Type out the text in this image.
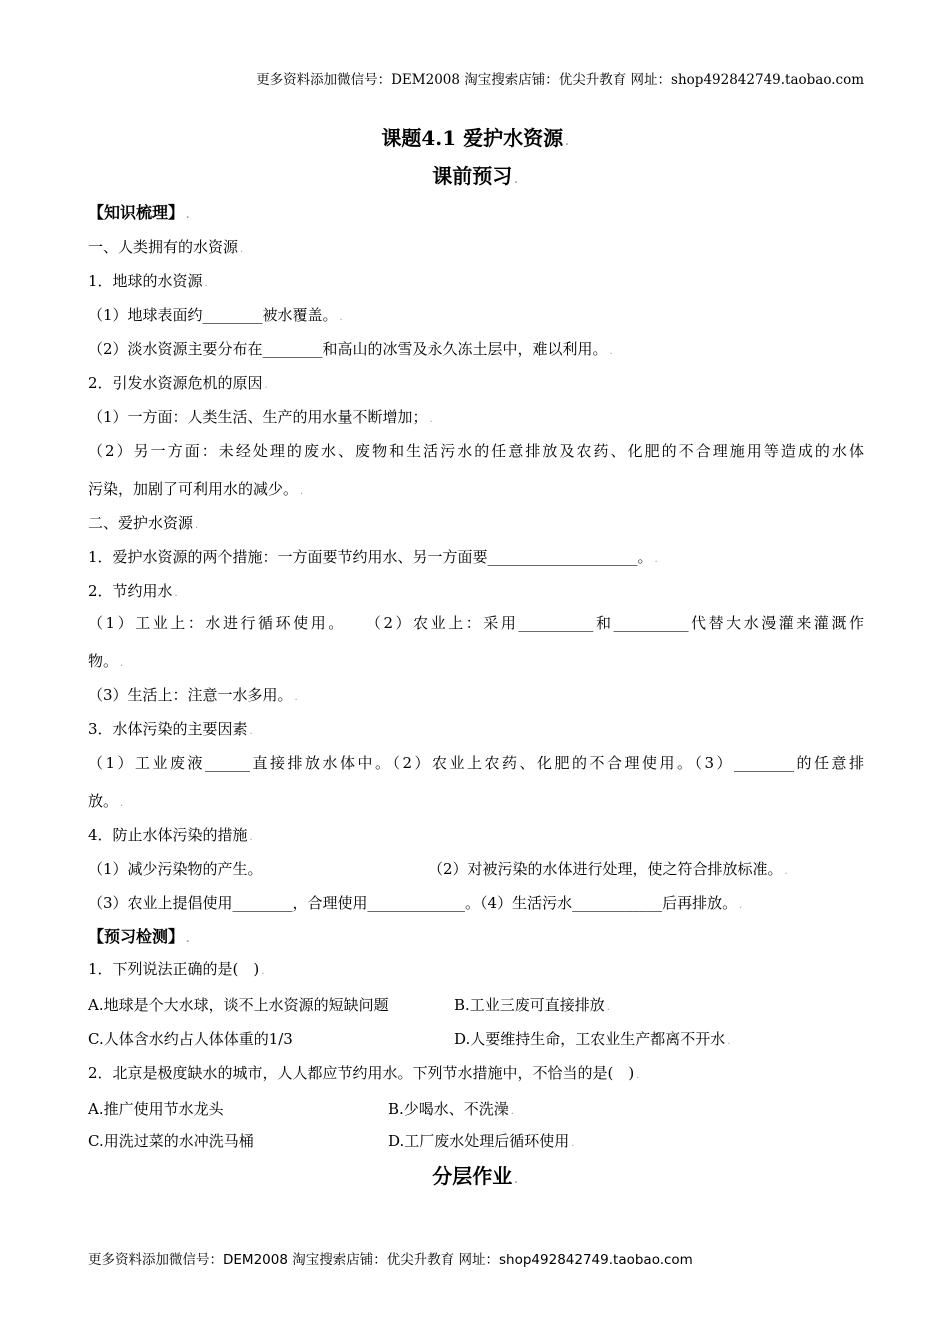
更多资料添加微信号：DEM2008 淘宝搜索店铺：优尖升教育 网址：shop492842749.taobao.com
课题4.1 爱护水资源 .
课前预习 .
【知识梳理】 .
一、人类拥有的水资源 .
1．地球的水资源 .
（1）地球表面约________被水覆盖。 .
（2）淡水资源主要分布在________和高山的冰雪及永久冻土层中，难以利用。 .
2．引发水资源危机的原因 .
（1）一方面：人类生活、生产的用水量不断增加； .
（2）另一方面：未经处理的废水、废物和生活污水的任意排放及农药、化肥的不合理施用等造成的水体
污染，加剧了可利用水的减少。 .
二、爱护水资源 .
1．爱护水资源的两个措施：一方面要节约用水、另一方面要____________________。 .
2．节约用水 .
（1）工业上：水进行循环使用。　　（2）农业上：采用__________和__________代替大水漫灌来灌溉作
物。 .
（3）生活上：注意一水多用。 .
3．水体污染的主要因素 .
（1）工业废液______直接排放水体中。（2）农业上农药、化肥的不合理使用。（3）________的任意排
放。 .
4．防止水体污染的措施 .
（1）减少污染物的产生。	（2）对被污染的水体进行处理，使之符合排放标准。 .
（3）农业上提倡使用________，合理使用_____________。（4）生活污水____________后再排放。 .
【预习检测】 .
1．下列说法正确的是(　) .
A.地球是个大水球，谈不上水资源的短缺问题	B.工业三废可直接排放 .
C.人体含水约占人体体重的1/3	D.人要维持生命，工农业生产都离不开水 .
2．北京是极度缺水的城市，人人都应节约用水。下列节水措施中，不恰当的是(　) .
A.推广使用节水龙头	B.少喝水、不洗澡 .
C.用洗过菜的水冲洗马桶	D.工厂废水处理后循环使用 .
分层作业 .
更多资料添加微信号：DEM2008 淘宝搜索店铺：优尖升教育 网址：shop492842749.taobao.com
